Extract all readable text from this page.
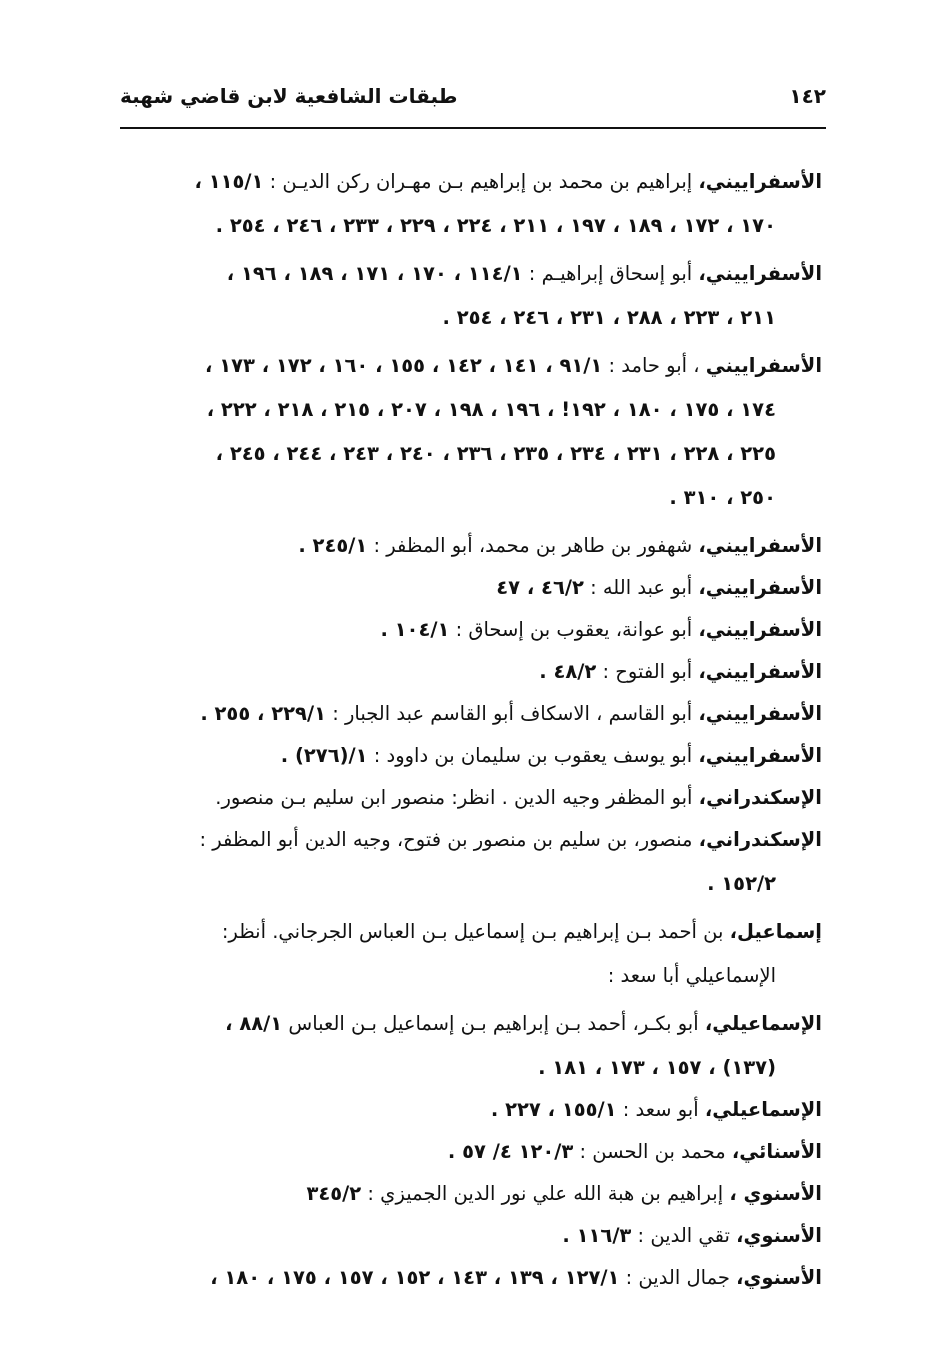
١٤٢
طبقات الشافعية لابن قاضي شهبة
الأسفراييني، إبراهيم بن محمد بن إبراهيم بـن مهـران ركن الديـن : ١١٥/١ ،
١٧٠ ، ١٧٢ ، ١٨٩ ، ١٩٧ ، ٢١١ ، ٢٢٤ ، ٢٢٩ ، ٢٣٣ ، ٢٤٦ ، ٢٥٤ .
الأسفراييني، أبو إسحاق إبراهيـم : ١١٤/١ ، ١٧٠ ، ١٧١ ، ١٨٩ ، ١٩٦ ،
٢١١ ، ٢٢٣ ، ٢٨٨ ، ٢٣١ ، ٢٤٦ ، ٢٥٤ .
الأسفراييني ، أبو حامد : ٩١/١ ، ١٤١ ، ١٤٢ ، ١٥٥ ، ١٦٠ ، ١٧٢ ، ١٧٣ ،
١٧٤ ، ١٧٥ ، ١٨٠ ، ١٩٢! ، ١٩٦ ، ١٩٨ ، ٢٠٧ ، ٢١٥ ، ٢١٨ ، ٢٢٢ ،
٢٢٥ ، ٢٢٨ ، ٢٣١ ، ٢٣٤ ، ٢٣٥ ، ٢٣٦ ، ٢٤٠ ، ٢٤٣ ، ٢٤٤ ، ٢٤٥ ،
٢٥٠ ، ٣١٠ .
الأسفراييني، شهفور بن طاهر بن محمد، أبو المظفر : ٢٤٥/١ .
الأسفراييني، أبو عبد الله : ٤٦/٢ ، ٤٧
الأسفراييني، أبو عوانة، يعقوب بن إسحاق : ١٠٤/١ .
الأسفراييني، أبو الفتوح : ٤٨/٢ .
الأسفراييني، أبو القاسم ، الاسكاف أبو القاسم عبد الجبار : ٢٢٩/١ ، ٢٥٥ .
الأسفراييني، أبو يوسف يعقوب بن سليمان بن داوود : ١/(٢٧٦) .
الإسكندراني، أبو المظفر وجيه الدين . انظر: منصور ابن سليم بـن منصور.
الإسكندراني، منصور، بن سليم بن منصور بن فتوح، وجيه الدين أبو المظفر :
١٥٢/٢ .
إسماعيل، بن أحمد بـن إبراهيم بـن إسماعيل بـن العباس الجرجاني. أنظر:
الإسماعيلي أبا سعد :
الإسماعيلي، أبو بكـر، أحمد بـن إبراهيم بـن إسماعيل بـن العباس ٨٨/١ ،
(١٣٧) ، ١٥٧ ، ١٧٣ ، ١٨١ .
الإسماعيلي، أبو سعد : ١٥٥/١ ، ٢٢٧ .
الأسنائي، محمد بن الحسن : ١٢٠/٣ ٤/ ٥٧ .
الأسنوي ، إبراهيم بن هبة الله علي نور الدين الجميزي : ٣٤٥/٢
الأسنوي، تقي الدين : ١١٦/٣ .
الأسنوي، جمال الدين : ١٢٧/١ ، ١٣٩ ، ١٤٣ ، ١٥٢ ، ١٥٧ ، ١٧٥ ، ١٨٠ ،
